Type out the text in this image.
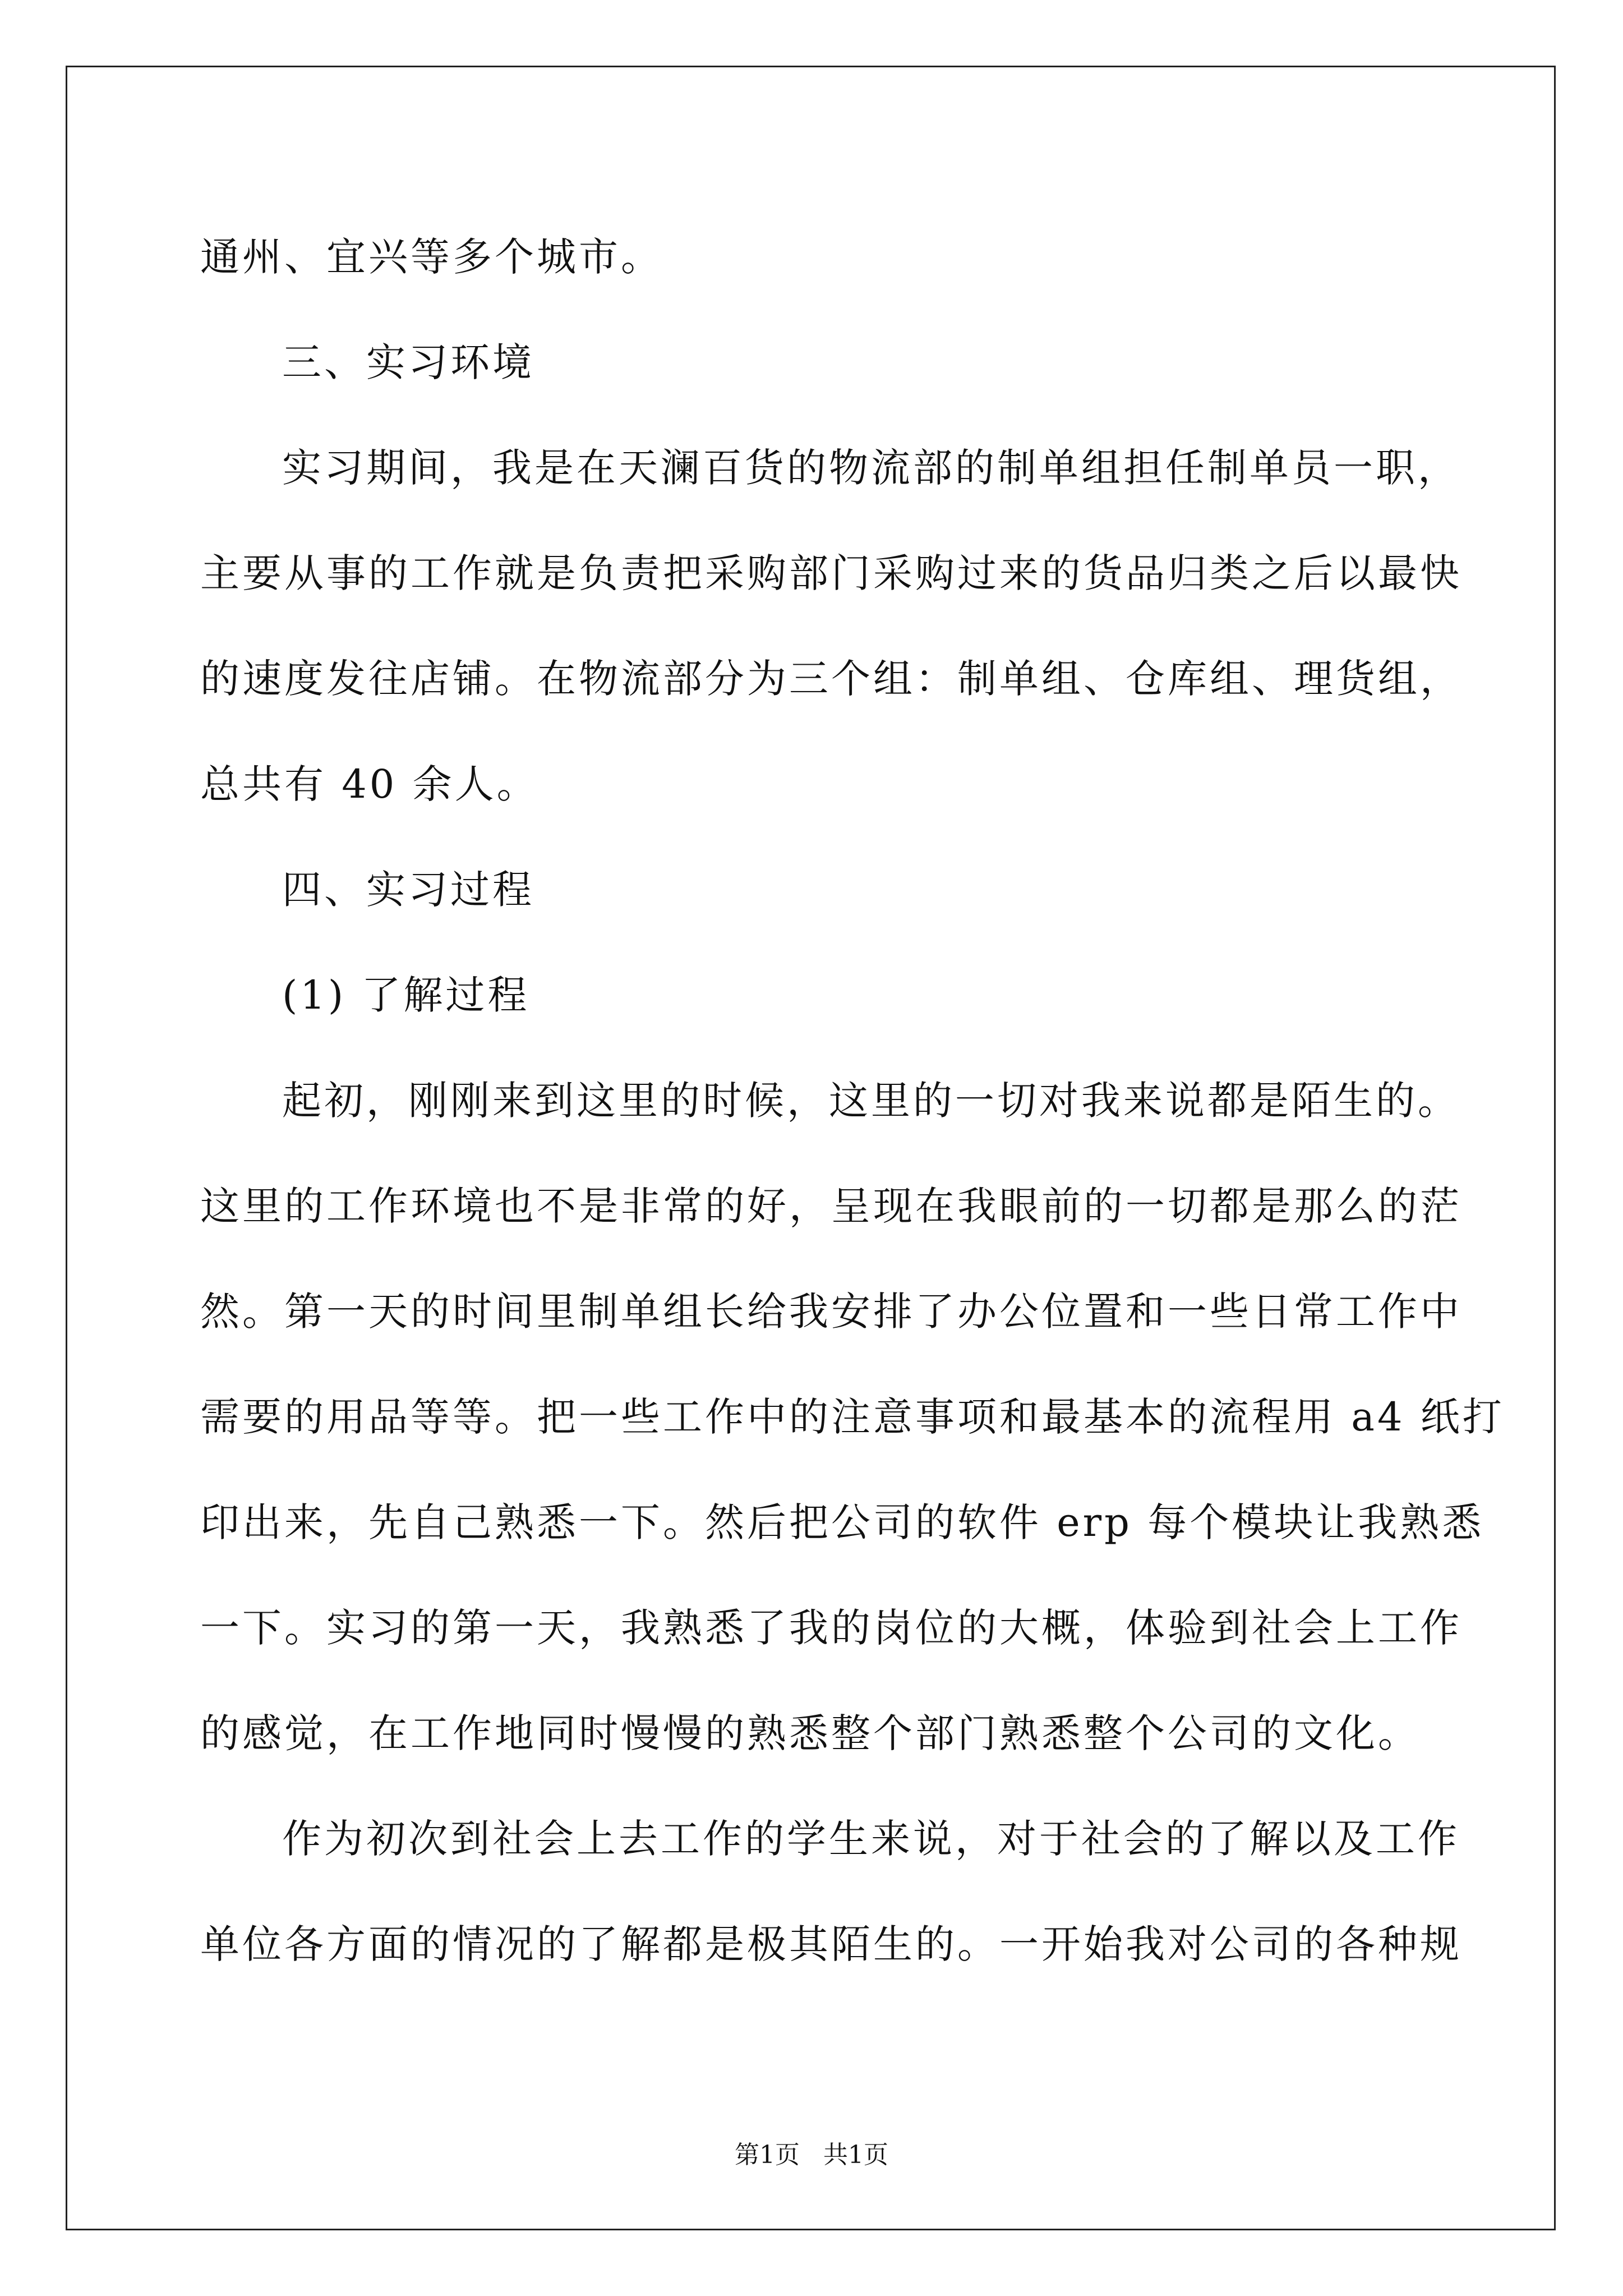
通州、宜兴等多个城市。
三、实习环境
实习期间，我是在天澜百货的物流部的制单组担任制单员一职，
主要从事的工作就是负责把采购部门采购过来的货品归类之后以最快
的速度发往店铺。在物流部分为三个组：制单组、仓库组、理货组，
总共有 40 余人。
四、实习过程
(1) 了解过程
起初，刚刚来到这里的时候，这里的一切对我来说都是陌生的。
这里的工作环境也不是非常的好，呈现在我眼前的一切都是那么的茫
然。第一天的时间里制单组长给我安排了办公位置和一些日常工作中
需要的用品等等。把一些工作中的注意事项和最基本的流程用 a4 纸打
印出来，先自己熟悉一下。然后把公司的软件 erp 每个模块让我熟悉
一下。实习的第一天，我熟悉了我的岗位的大概，体验到社会上工作
的感觉，在工作地同时慢慢的熟悉整个部门熟悉整个公司的文化。
作为初次到社会上去工作的学生来说，对于社会的了解以及工作
单位各方面的情况的了解都是极其陌生的。一开始我对公司的各种规
第1页 共1页
